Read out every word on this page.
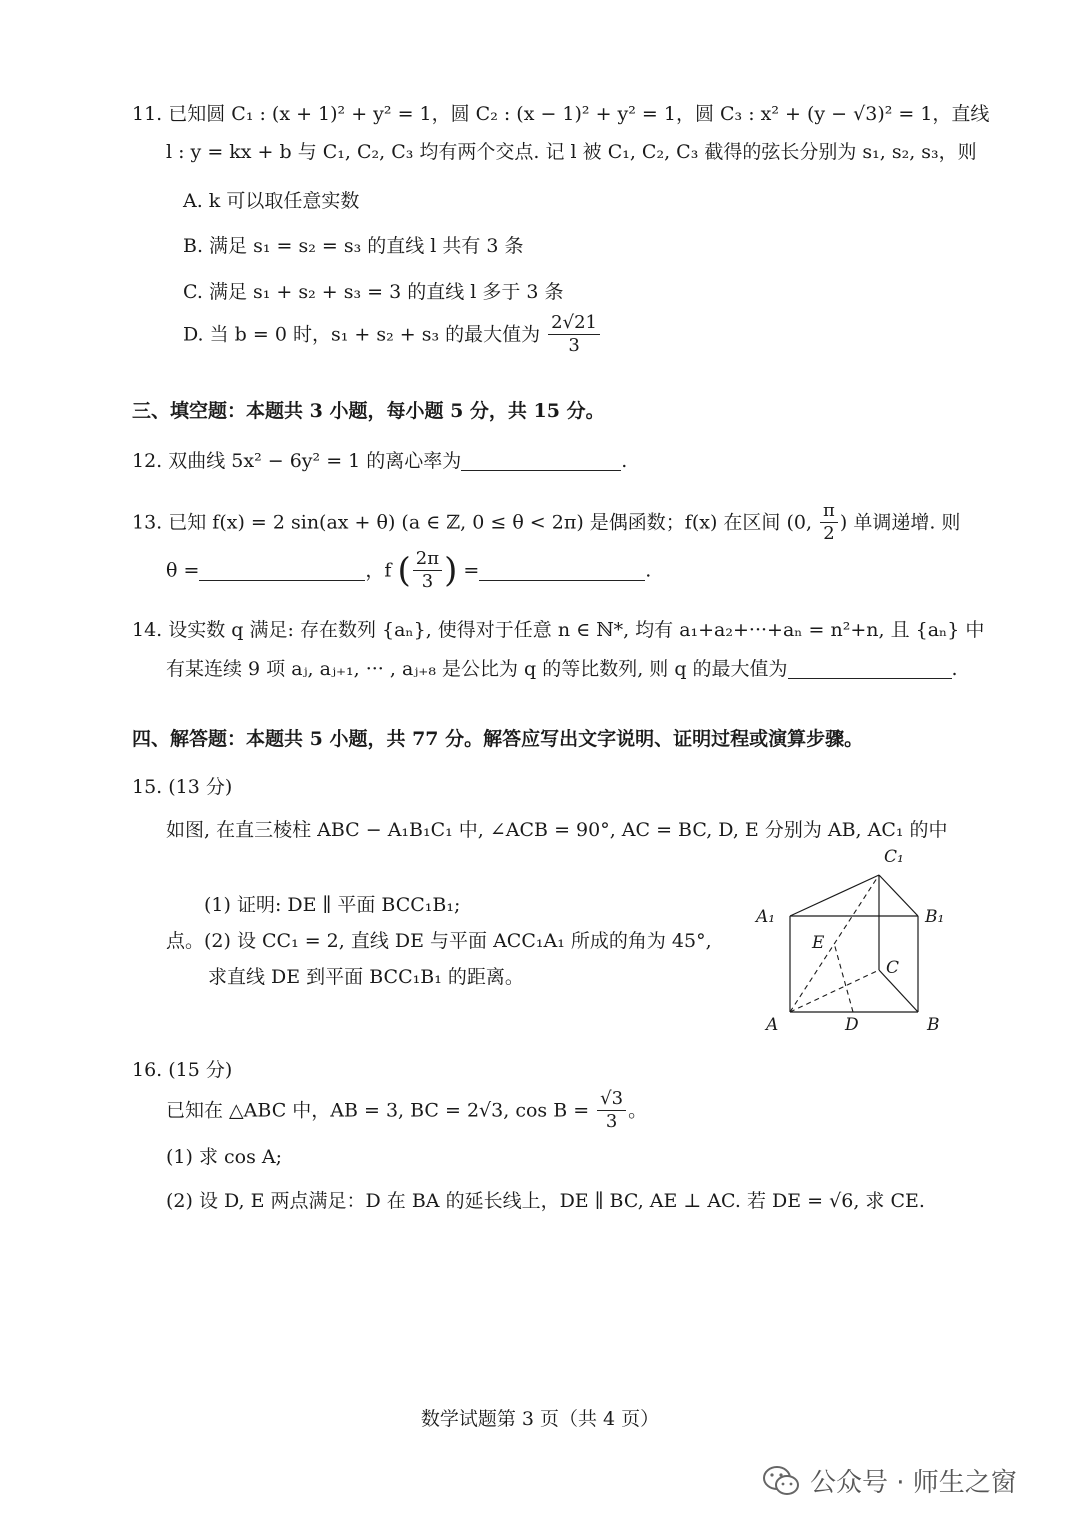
11. 已知圆 C₁ : (x + 1)² + y² = 1，圆 C₂ : (x − 1)² + y² = 1，圆 C₃ : x² + (y − √3)² = 1，直线
l : y = kx + b 与 C₁, C₂, C₃ 均有两个交点. 记 l 被 C₁, C₂, C₃ 截得的弦长分别为 s₁, s₂, s₃，则
A. k 可以取任意实数
B. 满足 s₁ = s₂ = s₃ 的直线 l 共有 3 条
C. 满足 s₁ + s₂ + s₃ = 3 的直线 l 多于 3 条
D. 当 b = 0 时，s₁ + s₂ + s₃ 的最大值为 $\frac{2√21}{3}$
三、填空题：本题共 3 小题，每小题 5 分，共 15 分。
12. 双曲线 5x² − 6y² = 1 的离心率为	.
13. 已知 f(x) = 2 sin(ax + θ) (a ∈ ℤ, 0 ≤ θ < 2π) 是偶函数；f(x) 在区间 (0, $\frac{\pi}{2}$ ) 单调递增. 则
θ =	，f ( $\frac{2\pi}{3}$ ) =	.
14. 设实数 q 满足: 存在数列 {aₙ}, 使得对于任意 n ∈ ℕ*, 均有 a₁+a₂+···+aₙ = n²+n, 且 {aₙ} 中
有某连续 9 项 aⱼ, aⱼ₊₁, ··· , aⱼ₊₈ 是公比为 q 的等比数列, 则 q 的最大值为	.
四、解答题：本题共 5 小题，共 77 分。解答应写出文字说明、证明过程或演算步骤。
15. (13 分)
如图, 在直三棱柱 ABC − A₁B₁C₁ 中, ∠ACB = 90°, AC = BC, D, E 分别为 AB, AC₁ 的中
(1) 证明: DE ∥ 平面 BCC₁B₁;
点。(2) 设 CC₁ = 2, 直线 DE 与平面 ACC₁A₁ 所成的角为 45°,
求直线 DE 到平面 BCC₁B₁ 的距离。
C₁
A₁	B₁
E
C
A	D	B
16. (15 分)
已知在 △ABC 中，AB = 3, BC = 2√3, $\cos B = \frac{√3}{3}$ 。
(1) 求 cos A;
(2) 设 D, E 两点满足：D 在 BA 的延长线上，DE ∥ BC, AE ⊥ AC. 若 DE = √6, 求 CE.
数学试题第 3 页（共 4 页）
公众号 · 师生之窗
